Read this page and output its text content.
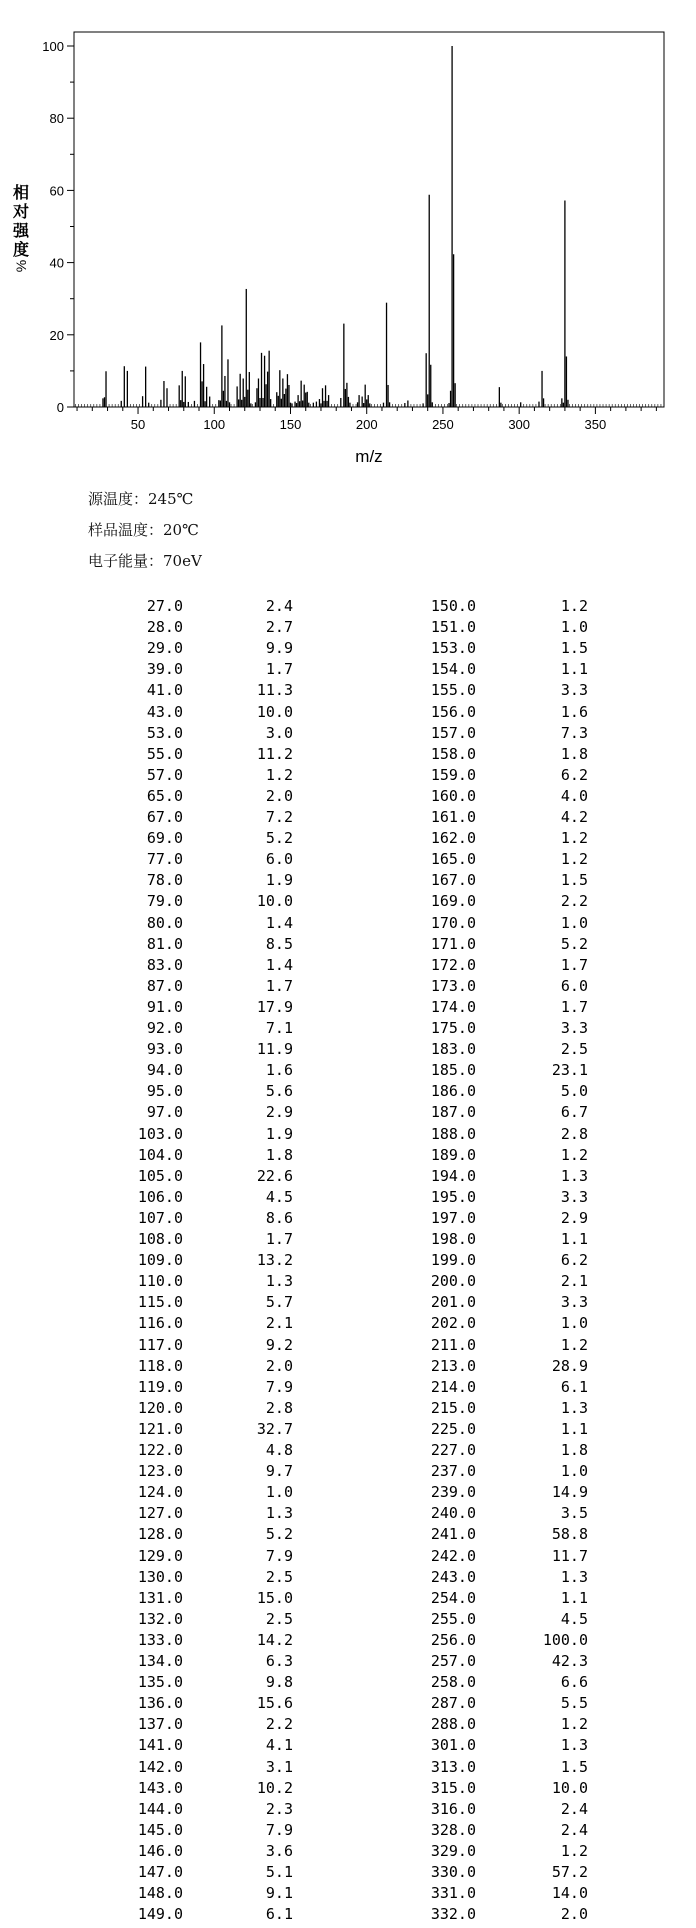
0
20
40
60
80
100
50	100	150	200	250	300	350
m/z
相
对
强
度
%
源温度：245℃
样品温度：20℃
电子能量：70eV
27.0	2.4
28.0	2.7
29.0	9.9
39.0	1.7
41.0	11.3
43.0	10.0
53.0	3.0
55.0	11.2
57.0	1.2
65.0	2.0
67.0	7.2
69.0	5.2
77.0	6.0
78.0	1.9
79.0	10.0
80.0	1.4
81.0	8.5
83.0	1.4
87.0	1.7
91.0	17.9
92.0	7.1
93.0	11.9
94.0	1.6
95.0	5.6
97.0	2.9
103.0	1.9
104.0	1.8
105.0	22.6
106.0	4.5
107.0	8.6
108.0	1.7
109.0	13.2
110.0	1.3
115.0	5.7
116.0	2.1
117.0	9.2
118.0	2.0
119.0	7.9
120.0	2.8
121.0	32.7
122.0	4.8
123.0	9.7
124.0	1.0
127.0	1.3
128.0	5.2
129.0	7.9
130.0	2.5
131.0	15.0
132.0	2.5
133.0	14.2
134.0	6.3
135.0	9.8
136.0	15.6
137.0	2.2
141.0	4.1
142.0	3.1
143.0	10.2
144.0	2.3
145.0	7.9
146.0	3.6
147.0	5.1
148.0	9.1
149.0	6.1
150.0	1.2
151.0	1.0
153.0	1.5
154.0	1.1
155.0	3.3
156.0	1.6
157.0	7.3
158.0	1.8
159.0	6.2
160.0	4.0
161.0	4.2
162.0	1.2
165.0	1.2
167.0	1.5
169.0	2.2
170.0	1.0
171.0	5.2
172.0	1.7
173.0	6.0
174.0	1.7
175.0	3.3
183.0	2.5
185.0	23.1
186.0	5.0
187.0	6.7
188.0	2.8
189.0	1.2
194.0	1.3
195.0	3.3
197.0	2.9
198.0	1.1
199.0	6.2
200.0	2.1
201.0	3.3
202.0	1.0
211.0	1.2
213.0	28.9
214.0	6.1
215.0	1.3
225.0	1.1
227.0	1.8
237.0	1.0
239.0	14.9
240.0	3.5
241.0	58.8
242.0	11.7
243.0	1.3
254.0	1.1
255.0	4.5
256.0	100.0
257.0	42.3
258.0	6.6
287.0	5.5
288.0	1.2
301.0	1.3
313.0	1.5
315.0	10.0
316.0	2.4
328.0	2.4
329.0	1.2
330.0	57.2
331.0	14.0
332.0	2.0
